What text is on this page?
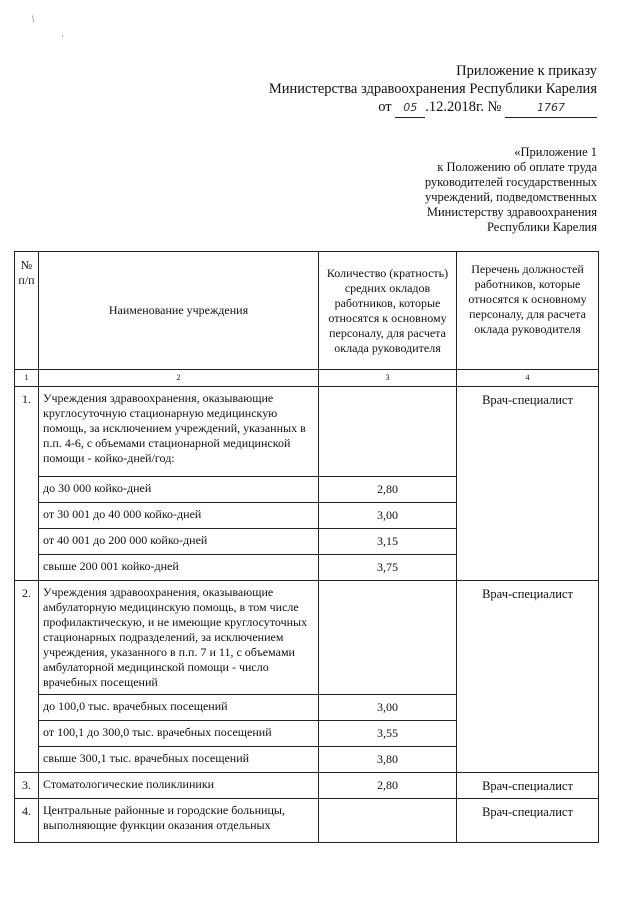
/
'
Приложение к приказу
Министерства здравоохранения Республики Карелия
от 05 .12.2018г. №	1767
«Приложение 1
к Положению об оплате труда
руководителей государственных
учреждений, подведомственных
Министерству здравоохранения
Республики Карелия
№ п/п	Наименование учреждения	Количество (кратность) средних окладов работников, которые относятся к основному персоналу, для расчета оклада руководителя	Перечень должностей работников, которые относятся к основному персоналу, для расчета оклада руководителя
1	2	3	4
1.	Учреждения здравоохранения, оказывающие круглосуточную стационарную медицинскую помощь, за исключением учреждений, указанных в п.п. 4-6, с объемами стационарной медицинской помощи - койко-дней/год:		Врач-специалист
	до 30 000 койко-дней	2,80	
	от 30 001 до 40 000 койко-дней	3,00	
	от 40 001 до 200 000 койко-дней	3,15	
	свыше 200 001 койко-дней	3,75	
2.	Учреждения здравоохранения, оказывающие амбулаторную медицинскую помощь, в том числе профилактическую, и не имеющие круглосуточных стационарных подразделений, за исключением учреждения, указанного в п.п. 7 и 11, с объемами амбулаторной медицинской помощи - число врачебных посещений		Врач-специалист
	до 100,0 тыс. врачебных посещений	3,00	
	от 100,1 до 300,0 тыс. врачебных посещений	3,55	
	свыше 300,1 тыс. врачебных посещений	3,80	
3.	Стоматологические поликлиники	2,80	Врач-специалист
4.	Центральные районные и городские больницы, выполняющие функции оказания отдельных		Врач-специалист
